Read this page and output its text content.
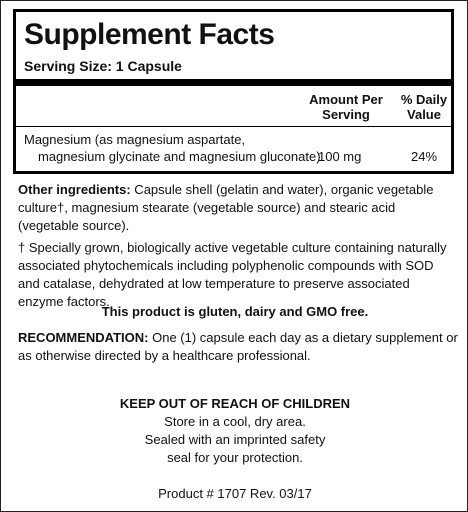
Supplement Facts
Serving Size: 1 Capsule
Amount Per
Serving
% Daily
Value
Magnesium (as magnesium aspartate,
magnesium glycinate and magnesium gluconate)
100 mg	24%
Other ingredients: Capsule shell (gelatin and water), organic vegetable culture†, magnesium stearate (vegetable source) and stearic acid (vegetable source).
† Specially grown, biologically active vegetable culture containing naturally associated phytochemicals including polyphenolic compounds with SOD and catalase, dehydrated at low temperature to preserve associated enzyme factors.
This product is gluten, dairy and GMO free.
RECOMMENDATION: One (1) capsule each day as a dietary supplement or as otherwise directed by a healthcare professional.
KEEP OUT OF REACH OF CHILDREN
Store in a cool, dry area.
Sealed with an imprinted safety
seal for your protection.
Product # 1707 Rev. 03/17
